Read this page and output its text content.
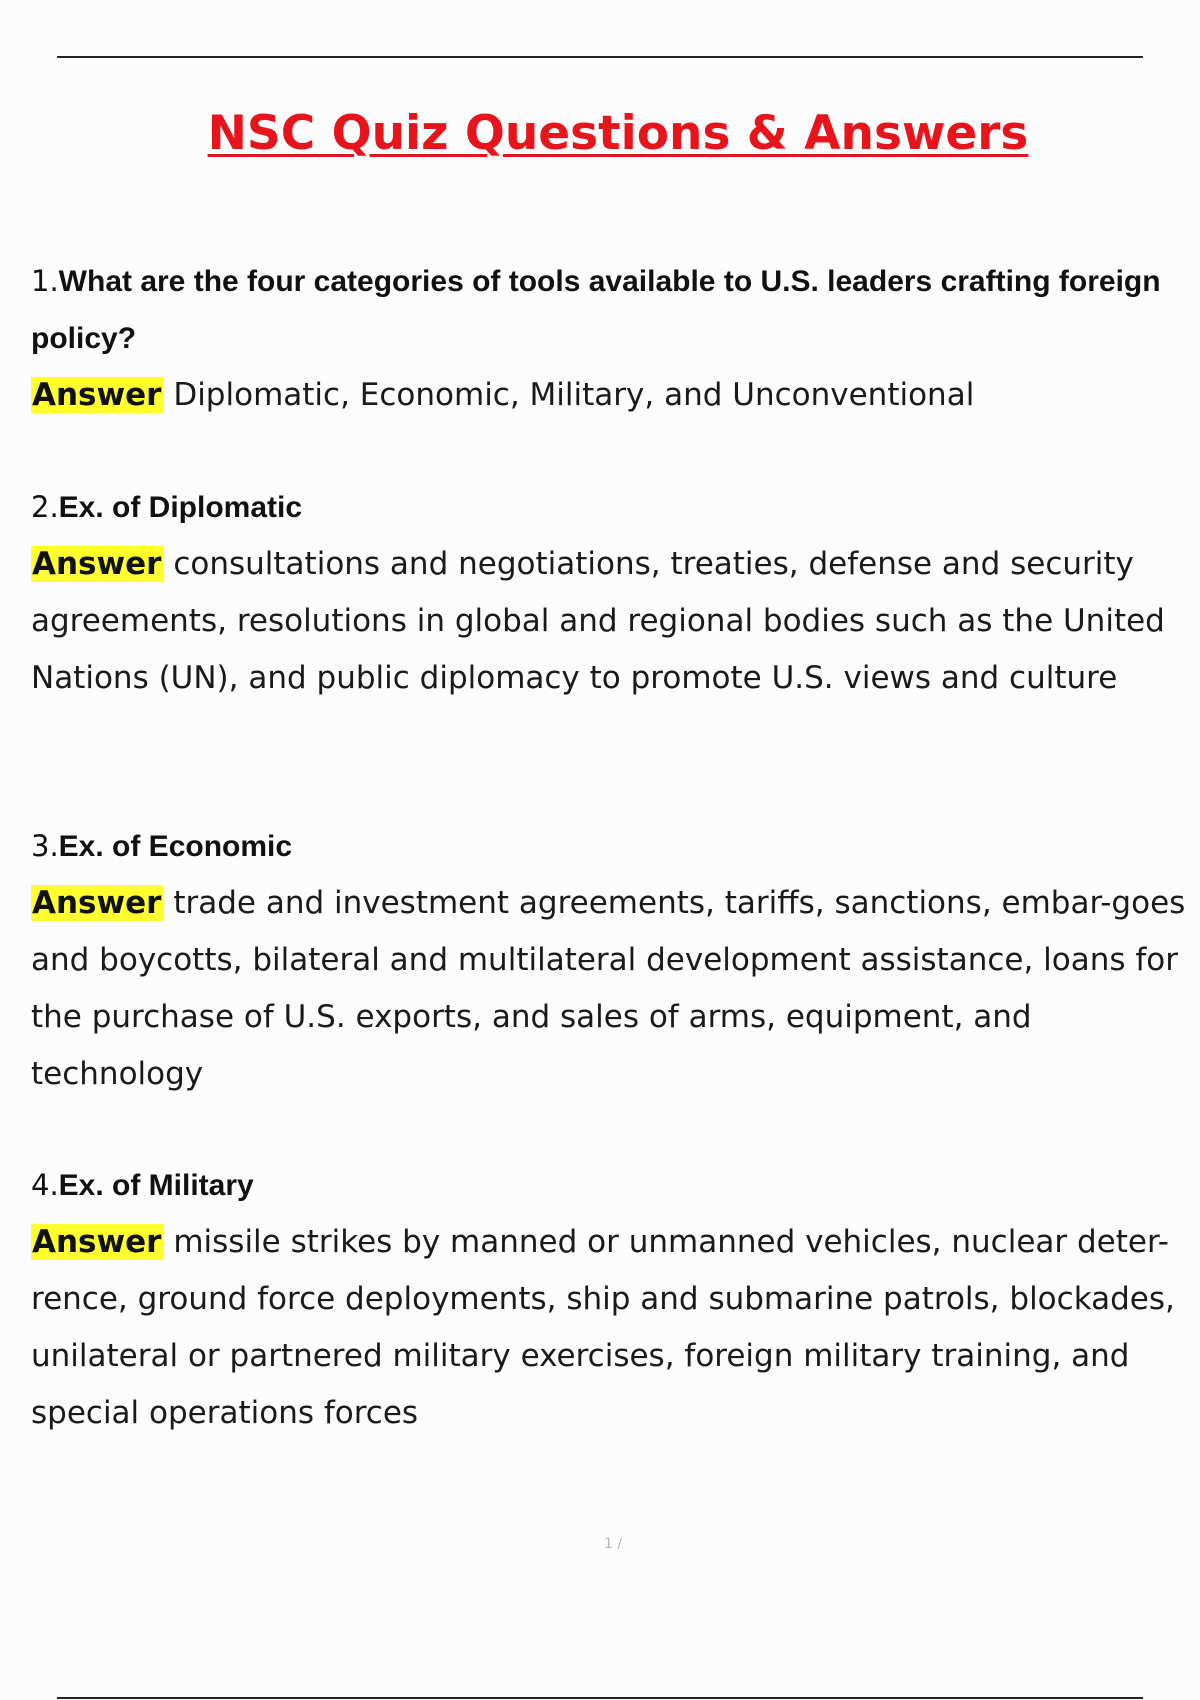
NSC Quiz Questions & Answers

1.What are the four categories of tools available to U.S. leaders crafting foreign policy?

Answer Diplomatic, Economic, Military, and Unconventional

2.Ex. of Diplomatic

Answer consultations and negotiations, treaties, defense and security agreements, resolutions in global and regional bodies such as the United Nations (UN), and public diplomacy to promote U.S. views and culture

3.Ex. of Economic

Answer trade and investment agreements, tariffs, sanctions, embar-goes and boycotts, bilateral and multilateral development assistance, loans for the purchase of U.S. exports, and sales of arms, equipment, and technology

4.Ex. of Military

Answer missile strikes by manned or unmanned vehicles, nuclear deter-rence, ground force deployments, ship and submarine patrols, blockades, unilateral or partnered military exercises, foreign military training, and special operations forces

1 /
